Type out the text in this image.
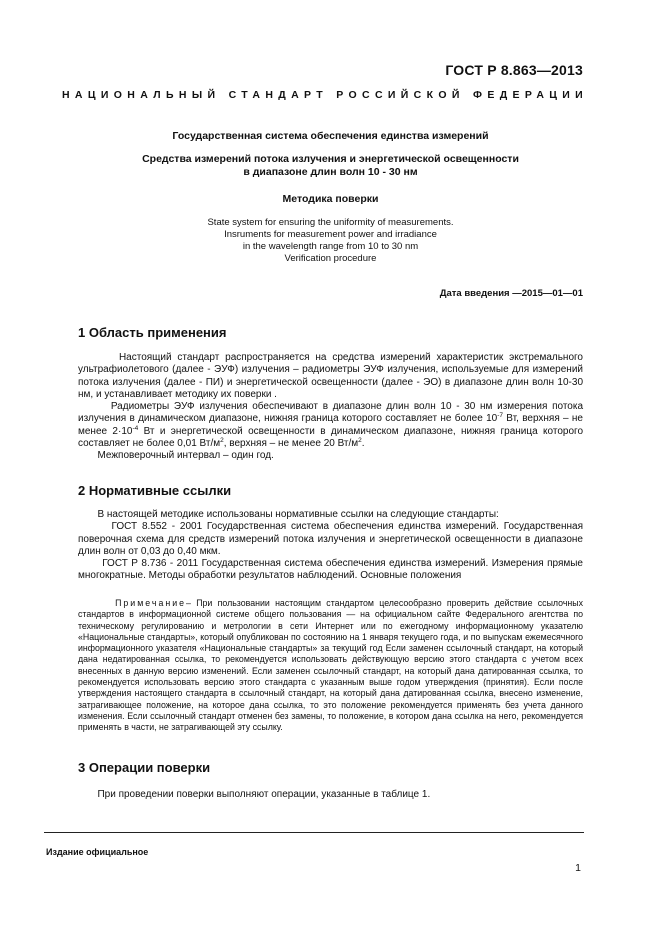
ГОСТ Р 8.863—2013
НАЦИОНАЛЬНЫЙ СТАНДАРТ РОССИЙСКОЙ ФЕДЕРАЦИИ
Государственная система обеспечения единства измерений
Средства измерений потока излучения и энергетической освещенности
в диапазоне длин волн 10 - 30 нм
Методика поверки
State system for ensuring the uniformity of measurements.
Insruments for measurement power and irradiance
in the wavelength range from 10 to 30 nm
Verification procedure
Дата введения —2015—01—01
1 Область применения

Настоящий стандарт распространяется на средства измерений характеристик экстремального ультрафиолетового (далее - ЭУФ) излучения – радиометры ЭУФ излучения, используемые для измерений потока излучения (далее - ПИ) и энергетической освещенности (далее - ЭО) в диапазоне длин волн 10-30 нм, и устанавливает методику их поверки .

Радиометры ЭУФ излучения обеспечивают в диапазоне длин волн 10 - 30 нм измерения потока излучения в динамическом диапазоне, нижняя граница которого составляет не более $10^{-7}$ Вт, верхняя – не менее $2\cdot 10^{-4}$ Вт и энергетической освещенности в динамическом диапазоне, нижняя граница которого составляет не более 0,01 $Вт/м^2$, верхняя – не менее 20 $Вт/м^2$.

Межповерочный интервал – один год.

2 Нормативные ссылки

В настоящей методике использованы нормативные ссылки на следующие стандарты:

ГОСТ 8.552 - 2001 Государственная система обеспечения единства измерений. Государственная поверочная схема для средств измерений потока излучения и энергетической освещенности в диапазоне длин волн от 0,03 до 0,40 мкм.

ГОСТ Р 8.736 - 2011 Государственная система обеспечения единства измерений. Измерения прямые многократные. Методы обработки результатов наблюдений. Основные положения

Примечание– При пользовании настоящим стандартом целесообразно проверить действие ссылочных стандартов в информационной системе общего пользования — на официальном сайте Федерального агентства по техническому регулированию и метрологии в сети Интернет или по ежегодному информационному указателю «Национальные стандарты», который опубликован по состоянию на 1 января текущего года, и по выпускам ежемесячного информационного указателя «Национальные стандарты» за текущий год Если заменен ссылочный стандарт, на который дана недатированная ссылка, то рекомендуется использовать действующую версию этого стандарта с учетом всех внесенных в данную версию изменений. Если заменен ссылочный стандарт, на который дана датированная ссылка, то рекомендуется использовать версию этого стандарта с указанным выше годом утверждения (принятия). Если после утверждения настоящего стандарта в ссылочный стандарт, на который дана датированная ссылка, внесено изменение, затрагивающее положение, на которое дана ссылка, то это положение рекомендуется применять без учета данного изменения. Если ссылочный стандарт отменен без замены, то положение, в котором дана ссылка на него, рекомендуется применять в части, не затрагивающей эту ссылку.

3 Операции поверки

При проведении поверки выполняют операции, указанные в таблице 1.

Издание официальное
1
